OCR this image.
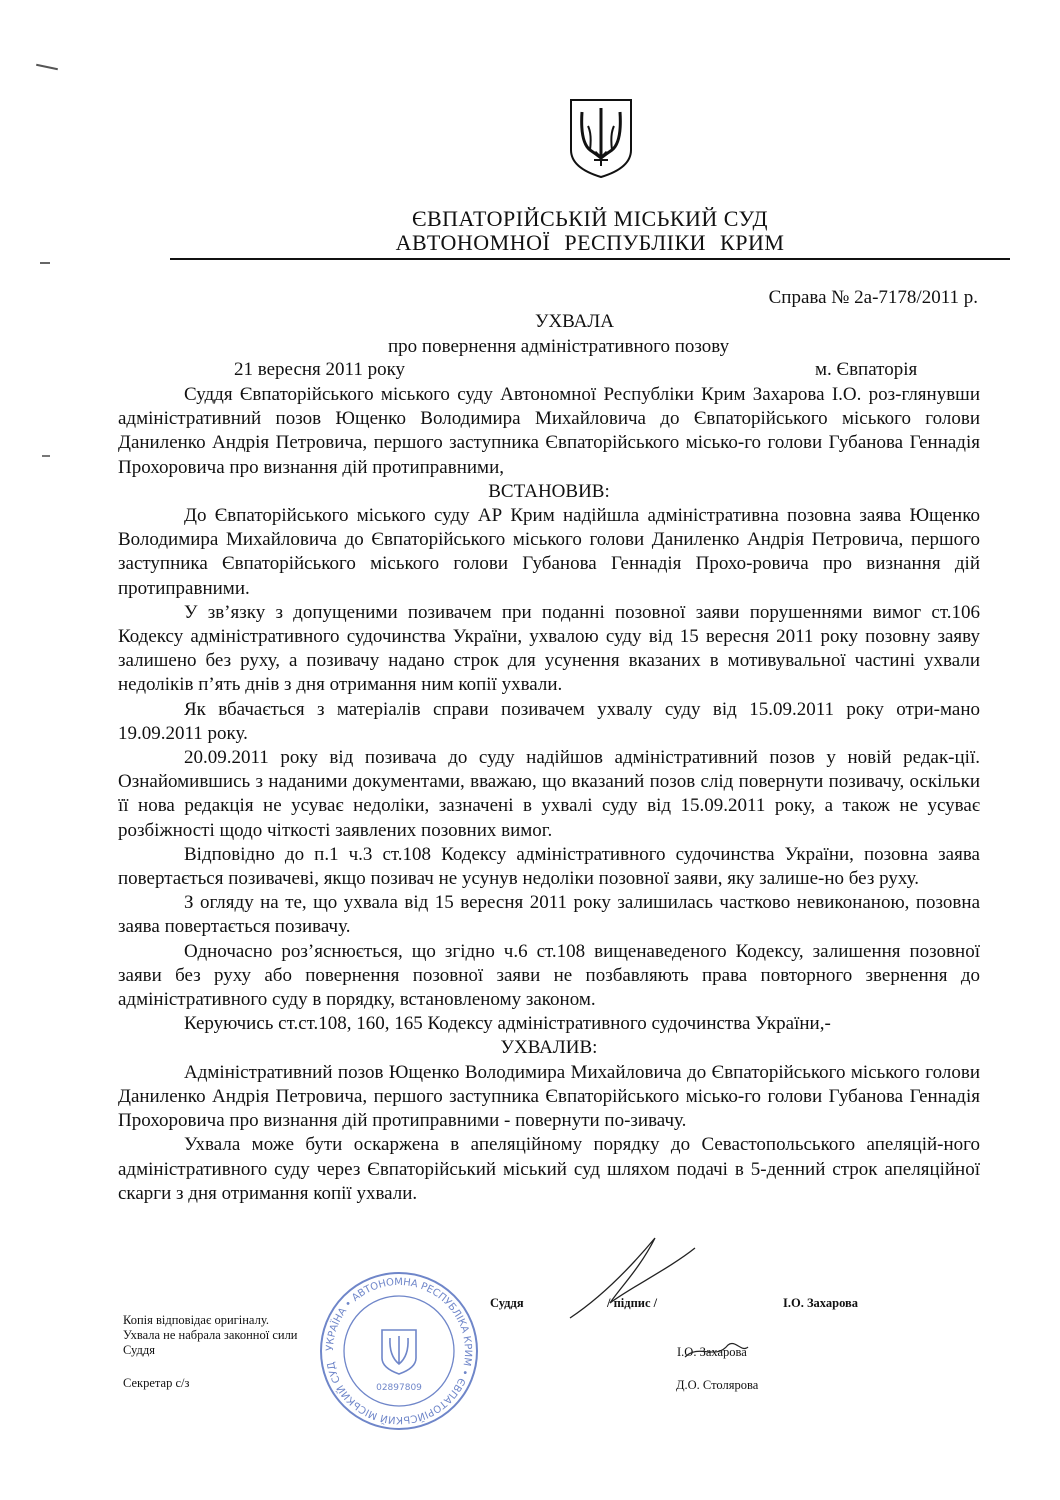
ЄВПАТОРІЙСЬКІЙ МІСЬКИЙ СУД
АВТОНОМНОЇ РЕСПУБЛІКИ КРИМ
Справа № 2а-7178/2011 р.
УХВАЛА
про повернення адміністративного позову
21 вересня 2011 року	м. Євпаторія

Суддя Євпаторійського міського суду Автономної Республіки Крим Захарова І.О. роз-глянувши адміністративний позов Ющенко Володимира Михайловича до Євпаторійського міського голови Даниленко Андрія Петровича, першого заступника Євпаторійського місько-го голови Губанова Геннадія Прохоровича про визнання дій протиправними,

ВСТАНОВИВ:

До Євпаторійського міського суду АР Крим надійшла адміністративна позовна заява Ющенко Володимира Михайловича до Євпаторійського міського голови Даниленко Андрія Петровича, першого заступника Євпаторійського міського голови Губанова Геннадія Прохо-ровича про визнання дій протиправними.

У зв’язку з допущеними позивачем при поданні позовної заяви порушеннями вимог ст.106 Кодексу адміністративного судочинства України, ухвалою суду від 15 вересня 2011 року позовну заяву залишено без руху, а позивачу надано строк для усунення вказаних в мотивувальної частині ухвали недоліків п’ять днів з дня отримання ним копії ухвали.

Як вбачається з матеріалів справи позивачем ухвалу суду від 15.09.2011 року отри-мано 19.09.2011 року.

20.09.2011 року від позивача до суду надійшов адміністративний позов у новій редак-ції. Ознайомившись з наданими документами, вважаю, що вказаний позов слід повернути позивачу, оскільки її нова редакція не усуває недоліки, зазначені в ухвалі суду від 15.09.2011 року, а також не усуває розбіжності щодо чіткості заявлених позовних вимог.

Відповідно до п.1 ч.3 ст.108 Кодексу адміністративного судочинства України, позовна заява повертається позивачеві, якщо позивач не усунув недоліки позовної заяви, яку залише-но без руху.

З огляду на те, що ухвала від 15 вересня 2011 року залишилась частково невиконаною, позовна заява повертається позивачу.

Одночасно роз’яснюється, що згідно ч.6 ст.108 вищенаведеного Кодексу, залишення позовної заяви без руху або повернення позовної заяви не позбавляють права повторного звернення до адміністративного суду в порядку, встановленому законом.

Керуючись ст.ст.108, 160, 165 Кодексу адміністративного судочинства України,-

УХВАЛИВ:

Адміністративний позов Ющенко Володимира Михайловича до Євпаторійського міського голови Даниленко Андрія Петровича, першого заступника Євпаторійського місько-го голови Губанова Геннадія Прохоровича про визнання дій протиправними - повернути по-зивачу.

Ухвала може бути оскаржена в апеляційному порядку до Севастопольського апеляцій-ного адміністративного суду через Євпаторійський міський суд шляхом подачі в 5-денний строк апеляційної скарги з дня отримання копії ухвали.

Суддя	/ підпис /	І.О. Захарова
Копія відповідає оригіналу.
Ухвала не набрала законної сили
Суддя
Секретар с/з
І.О. Захарова
Д.О. Столярова
УКРАЇНА • АВТОНОМНА РЕСПУБЛІКА КРИМ • ЄВПАТОРІЙСЬКИЙ МІСЬКИЙ СУД
02897809
